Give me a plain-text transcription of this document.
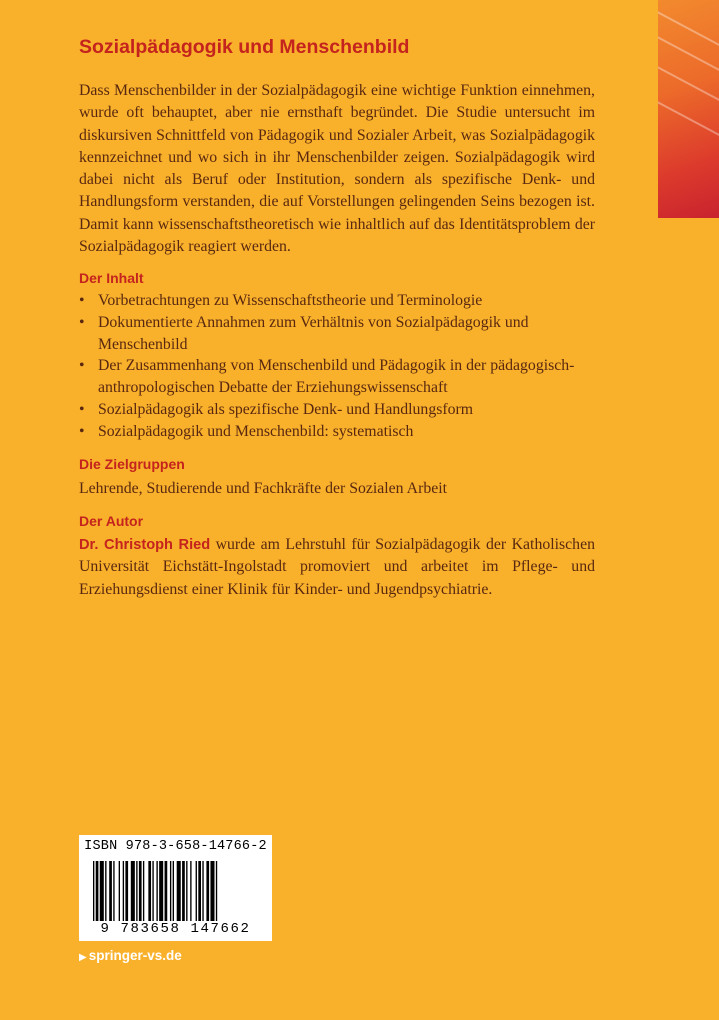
Sozialpädagogik und Menschenbild

Dass Menschenbilder in der Sozialpädagogik eine wichtige Funktion einnehmen, wurde oft behauptet, aber nie ernsthaft begründet. Die Studie untersucht im diskursiven Schnittfeld von Pädagogik und Sozialer Arbeit, was Sozialpädagogik kennzeichnet und wo sich in ihr Menschenbilder zeigen. Sozialpädagogik wird dabei nicht als Beruf oder Institution, sondern als spezifische Denk- und Handlungsform verstanden, die auf Vorstellungen gelingenden Seins bezogen ist. Damit kann wissenschaftstheoretisch wie inhaltlich auf das Identitätsproblem der Sozialpädagogik reagiert werden.

Der Inhalt
• Vorbetrachtungen zu Wissenschaftstheorie und Terminologie
• Dokumentierte Annahmen zum Verhältnis von Sozialpädagogik und Menschenbild
• Der Zusammenhang von Menschenbild und Pädagogik in der pädagogisch-anthropologischen Debatte der Erziehungswissenschaft
• Sozialpädagogik als spezifische Denk- und Handlungsform
• Sozialpädagogik und Menschenbild: systematisch
Die Zielgruppen

Lehrende, Studierende und Fachkräfte der Sozialen Arbeit

Der Autor

Dr. Christoph Ried wurde am Lehrstuhl für Sozialpädagogik der Katholischen Universität Eichstätt-Ingolstadt promoviert und arbeitet im Pflege- und Erziehungsdienst einer Klinik für Kinder- und Jugendpsychiatrie.

ISBN 978-3-658-14766-2
9 783658 147662
▶ springer-vs.de
